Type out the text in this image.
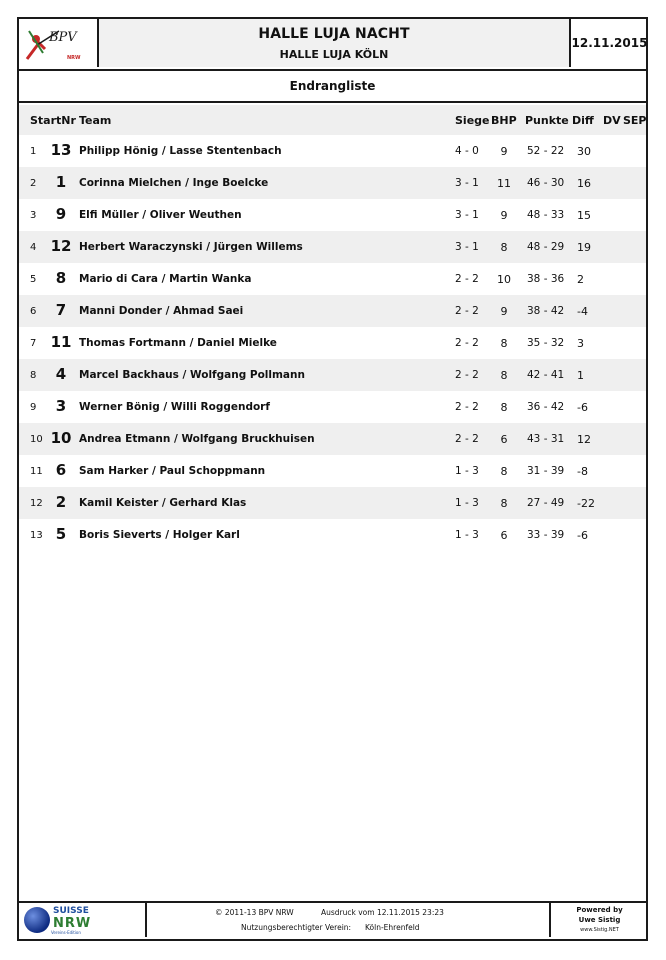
BPV
NRW
HALLE LUJA NACHT
HALLE LUJA KÖLN
12.11.2015
Endrangliste
StartNr Team	Siege BHP Punkte Diff DV SEP
1 13 Philipp Hönig / Lasse Stentenbach	4 - 0	9	52 - 22 30
2	1	Corinna Mielchen / Inge Boelcke	3 - 1 11 46 - 30 16
3	9	Elfi Müller / Oliver Weuthen	3 - 1	9	48 - 33 15
4 12 Herbert Waraczynski / Jürgen Willems	3 - 1	8	48 - 29 19
5	8	Mario di Cara / Martin Wanka	2 - 2 10 38 - 36 2
6	7	Manni Donder / Ahmad Saei	2 - 2	9	38 - 42 -4
7 11 Thomas Fortmann / Daniel Mielke	2 - 2	8	35 - 32 3
8	4	Marcel Backhaus / Wolfgang Pollmann	2 - 2	8	42 - 41 1
9	3	Werner Bönig / Willi Roggendorf	2 - 2	8	36 - 42 -6
10 10 Andrea Etmann / Wolfgang Bruckhuisen	2 - 2	6	43 - 31 12
11 6	Sam Harker / Paul Schoppmann	1 - 3	8	31 - 39 -8
12 2	Kamil Keister / Gerhard Klas	1 - 3	8	27 - 49 -22
13 5	Boris Sieverts / Holger Karl	1 - 3	6	33 - 39 -6
SUISSE
NRW
Vereins-Edition
© 2011-13 BPV NRW	Ausdruck vom 12.11.2015 23:23
Nutzungsberechtigter Verein: Köln-Ehrenfeld
Powered by
Uwe Sistig
www.Sistig.NET
